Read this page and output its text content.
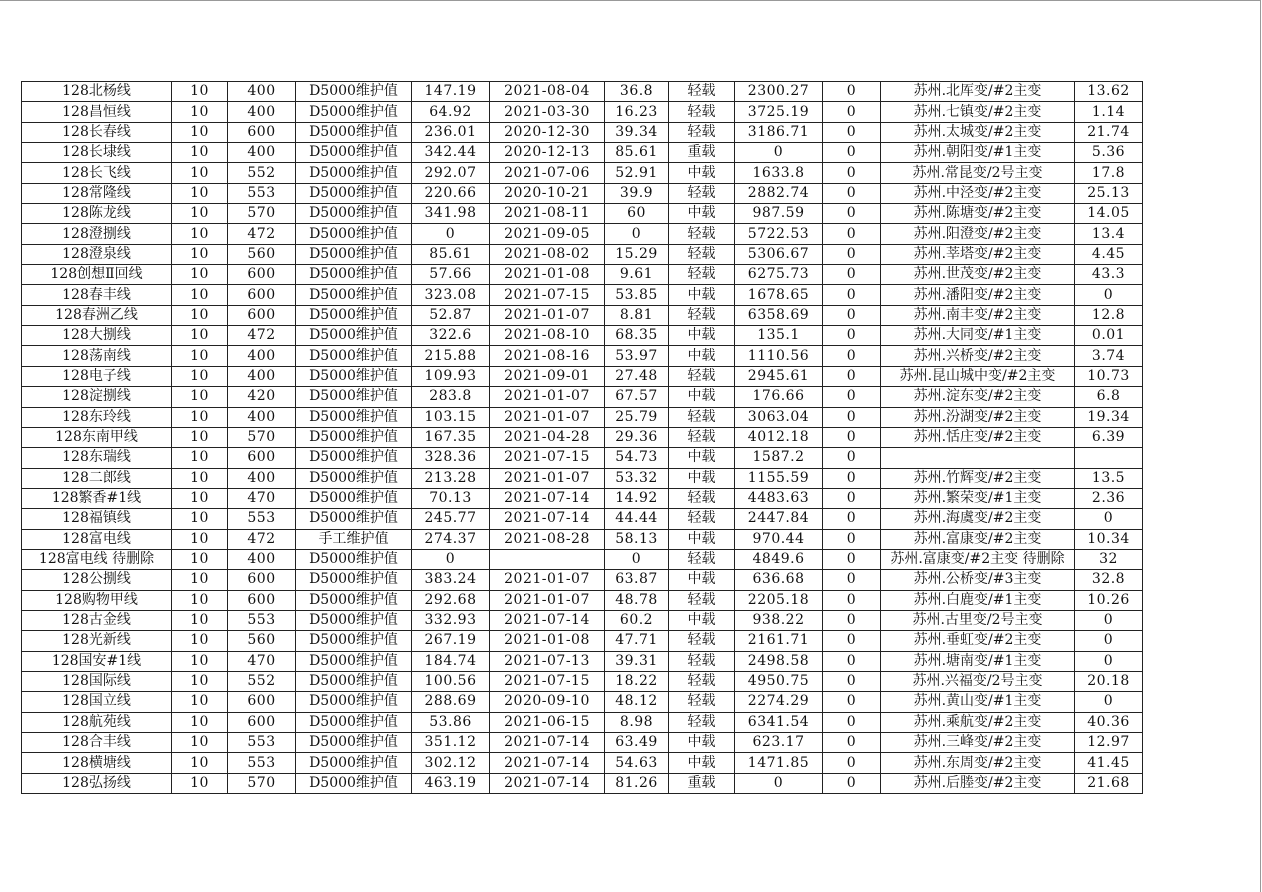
128北杨线	10	400	D5000维护值	147.19	2021-08-04	36.8	轻载	2300.27	0	苏州.北厍变/#2主变	13.62
128昌恒线	10	400	D5000维护值	64.92	2021-03-30	16.23	轻载	3725.19	0	苏州.七镇变/#2主变	1.14
128长春线	10	600	D5000维护值	236.01	2020-12-30	39.34	轻载	3186.71	0	苏州.太城变/#2主变	21.74
128长埭线	10	400	D5000维护值	342.44	2020-12-13	85.61	重载	0	0	苏州.朝阳变/#1主变	5.36
128长飞线	10	552	D5000维护值	292.07	2021-07-06	52.91	中载	1633.8	0	苏州.常昆变/2号主变	17.8
128常隆线	10	553	D5000维护值	220.66	2020-10-21	39.9	轻载	2882.74	0	苏州.中泾变/#2主变	25.13
128陈龙线	10	570	D5000维护值	341.98	2021-08-11	60	中载	987.59	0	苏州.陈塘变/#2主变	14.05
128澄捌线	10	472	D5000维护值	0	2021-09-05	0	轻载	5722.53	0	苏州.阳澄变/#2主变	13.4
128澄泉线	10	560	D5000维护值	85.61	2021-08-02	15.29	轻载	5306.67	0	苏州.莘塔变/#2主变	4.45
128创想Ⅱ回线	10	600	D5000维护值	57.66	2021-01-08	9.61	轻载	6275.73	0	苏州.世茂变/#2主变	43.3
128春丰线	10	600	D5000维护值	323.08	2021-07-15	53.85	中载	1678.65	0	苏州.潘阳变/#2主变	0
128春洲乙线	10	600	D5000维护值	52.87	2021-01-07	8.81	轻载	6358.69	0	苏州.南丰变/#2主变	12.8
128大捌线	10	472	D5000维护值	322.6	2021-08-10	68.35	中载	135.1	0	苏州.大同变/#1主变	0.01
128荡南线	10	400	D5000维护值	215.88	2021-08-16	53.97	中载	1110.56	0	苏州.兴桥变/#2主变	3.74
128电子线	10	400	D5000维护值	109.93	2021-09-01	27.48	轻载	2945.61	0	苏州.昆山城中变/#2主变	10.73
128淀捌线	10	420	D5000维护值	283.8	2021-01-07	67.57	中载	176.66	0	苏州.淀东变/#2主变	6.8
128东玲线	10	400	D5000维护值	103.15	2021-01-07	25.79	轻载	3063.04	0	苏州.汾湖变/#2主变	19.34
128东南甲线	10	570	D5000维护值	167.35	2021-04-28	29.36	轻载	4012.18	0	苏州.恬庄变/#2主变	6.39
128东瑞线	10	600	D5000维护值	328.36	2021-07-15	54.73	中载	1587.2	0		
128二郎线	10	400	D5000维护值	213.28	2021-01-07	53.32	中载	1155.59	0	苏州.竹辉变/#2主变	13.5
128繁香#1线	10	470	D5000维护值	70.13	2021-07-14	14.92	轻载	4483.63	0	苏州.繁荣变/#1主变	2.36
128福镇线	10	553	D5000维护值	245.77	2021-07-14	44.44	轻载	2447.84	0	苏州.海虞变/#2主变	0
128富电线	10	472	手工维护值	274.37	2021-08-28	58.13	中载	970.44	0	苏州.富康变/#2主变	10.34
128富电线 待删除	10	400	D5000维护值	0		0	轻载	4849.6	0	苏州.富康变/#2主变 待删除	32
128公捌线	10	600	D5000维护值	383.24	2021-01-07	63.87	中载	636.68	0	苏州.公桥变/#3主变	32.8
128购物甲线	10	600	D5000维护值	292.68	2021-01-07	48.78	轻载	2205.18	0	苏州.白鹿变/#1主变	10.26
128古金线	10	553	D5000维护值	332.93	2021-07-14	60.2	中载	938.22	0	苏州.古里变/2号主变	0
128光新线	10	560	D5000维护值	267.19	2021-01-08	47.71	轻载	2161.71	0	苏州.垂虹变/#2主变	0
128国安#1线	10	470	D5000维护值	184.74	2021-07-13	39.31	轻载	2498.58	0	苏州.塘南变/#1主变	0
128国际线	10	552	D5000维护值	100.56	2021-07-15	18.22	轻载	4950.75	0	苏州.兴福变/2号主变	20.18
128国立线	10	600	D5000维护值	288.69	2020-09-10	48.12	轻载	2274.29	0	苏州.黄山变/#1主变	0
128航苑线	10	600	D5000维护值	53.86	2021-06-15	8.98	轻载	6341.54	0	苏州.乘航变/#2主变	40.36
128合丰线	10	553	D5000维护值	351.12	2021-07-14	63.49	中载	623.17	0	苏州.三峰变/#2主变	12.97
128横塘线	10	553	D5000维护值	302.12	2021-07-14	54.63	中载	1471.85	0	苏州.东周变/#2主变	41.45
128弘扬线	10	570	D5000维护值	463.19	2021-07-14	81.26	重载	0	0	苏州.后塍变/#2主变	21.68
